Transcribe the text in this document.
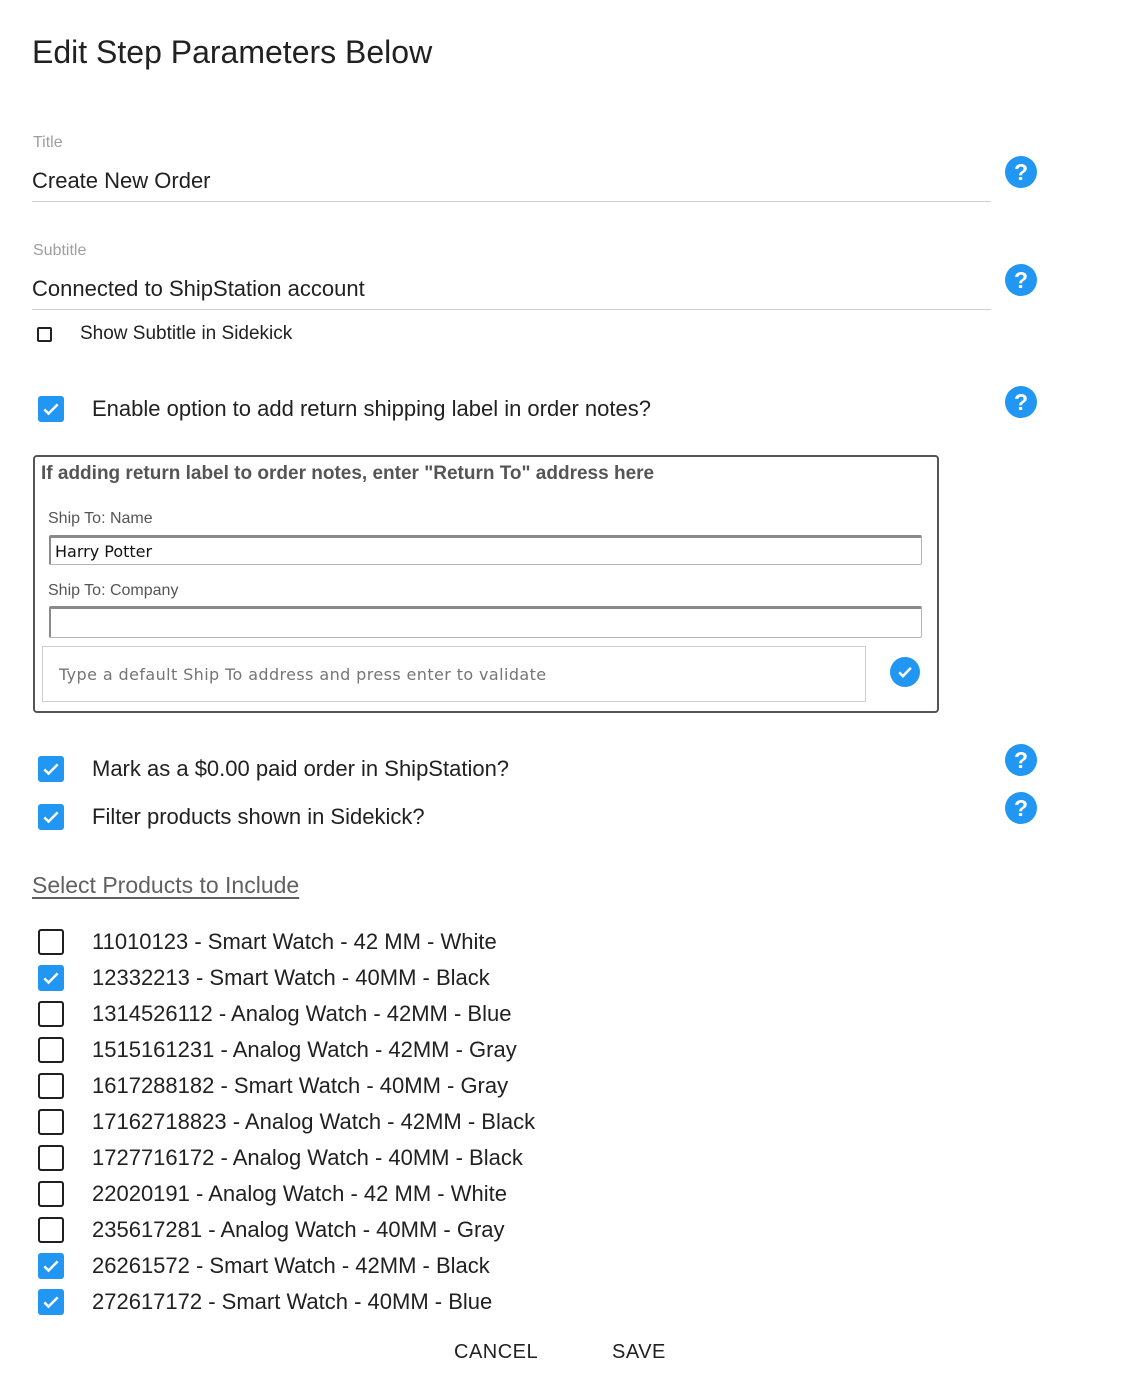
Edit Step Parameters Below
Title
Create New Order	?
Subtitle
Connected to ShipStation account	?
Show Subtitle in Sidekick
Enable option to add return shipping label in order notes?	?
If adding return label to order notes, enter "Return To" address here
Ship To: Name
Harry Potter
Ship To: Company
Type a default Ship To address and press enter to validate
Mark as a $0.00 paid order in ShipStation?	?
Filter products shown in Sidekick?	?
Select Products to Include
11010123 - Smart Watch - 42 MM - White
12332213 - Smart Watch - 40MM - Black
1314526112 - Analog Watch - 42MM - Blue
1515161231 - Analog Watch - 42MM - Gray
1617288182 - Smart Watch - 40MM - Gray
17162718823 - Analog Watch - 42MM - Black
1727716172 - Analog Watch - 40MM - Black
22020191 - Analog Watch - 42 MM - White
235617281 - Analog Watch - 40MM - Gray
26261572 - Smart Watch - 42MM - Black
272617172 - Smart Watch - 40MM - Blue
CANCEL	SAVE
